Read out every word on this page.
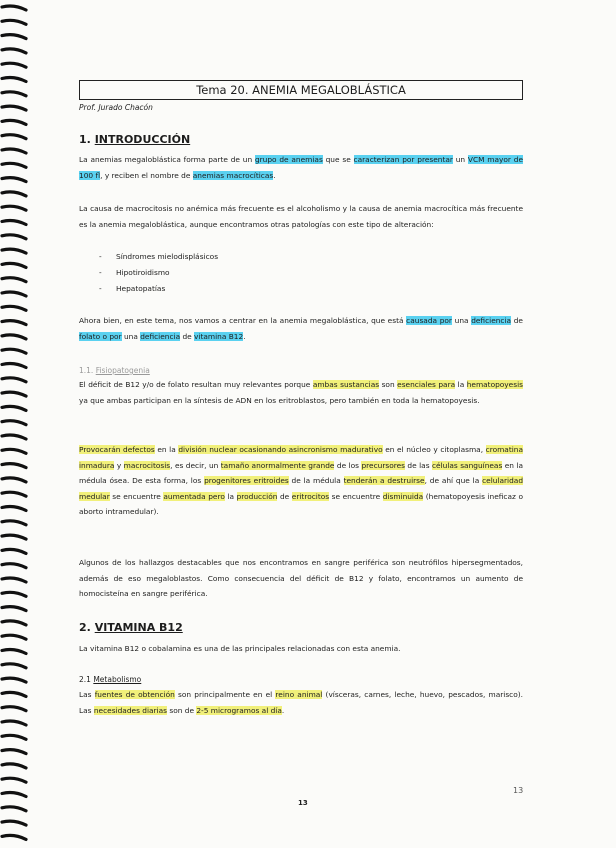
Tema 20. ANEMIA MEGALOBLÁSTICA
Prof. Jurado Chacón
1. INTRODUCCIÓN
La anemias megaloblástica forma parte de un grupo de anemias que se caracterizan por presentar un VCM mayor de 100 fl, y reciben el nombre de anemias macrocíticas.
La causa de macrocitosis no anémica más frecuente es el alcoholismo y la causa de anemia macrocítica más frecuente es la anemia megaloblástica, aunque encontramos otras patologías con este tipo de alteración:
- Síndromes mielodisplásicos
- Hipotiroidismo
- Hepatopatías
Ahora bien, en este tema, nos vamos a centrar en la anemia megaloblástica, que está causada por una deficiencia de folato o por una deficiencia de vitamina B12.
1.1. Fisiopatogenia
El déficit de B12 y/o de folato resultan muy relevantes porque ambas sustancias son esenciales para la hematopoyesis ya que ambas participan en la síntesis de ADN en los eritroblastos, pero también en toda la hematopoyesis.
Provocarán defectos en la división nuclear ocasionando asincronismo madurativo en el núcleo y citoplasma, cromatina inmadura y macrocitosis, es decir, un tamaño anormalmente grande de los precursores de las células sanguíneas en la médula ósea. De esta forma, los progenitores eritroides de la médula tenderán a destruirse, de ahí que la celularidad medular se encuentre aumentada pero la producción de eritrocitos se encuentre disminuida (hematopoyesis ineficaz o aborto intramedular).
Algunos de los hallazgos destacables que nos encontramos en sangre periférica son neutrófilos hipersegmentados, además de eso megaloblastos. Como consecuencia del déficit de B12 y folato, encontramos un aumento de homocisteína en sangre periférica.
2. VITAMINA B12
La vitamina B12 o cobalamina es una de las principales relacionadas con esta anemia.
2.1 Metabolismo
Las fuentes de obtención son principalmente en el reino animal (vísceras, carnes, leche, huevo, pescados, marisco). Las necesidades diarias son de 2-5 microgramos al día.
13
13
